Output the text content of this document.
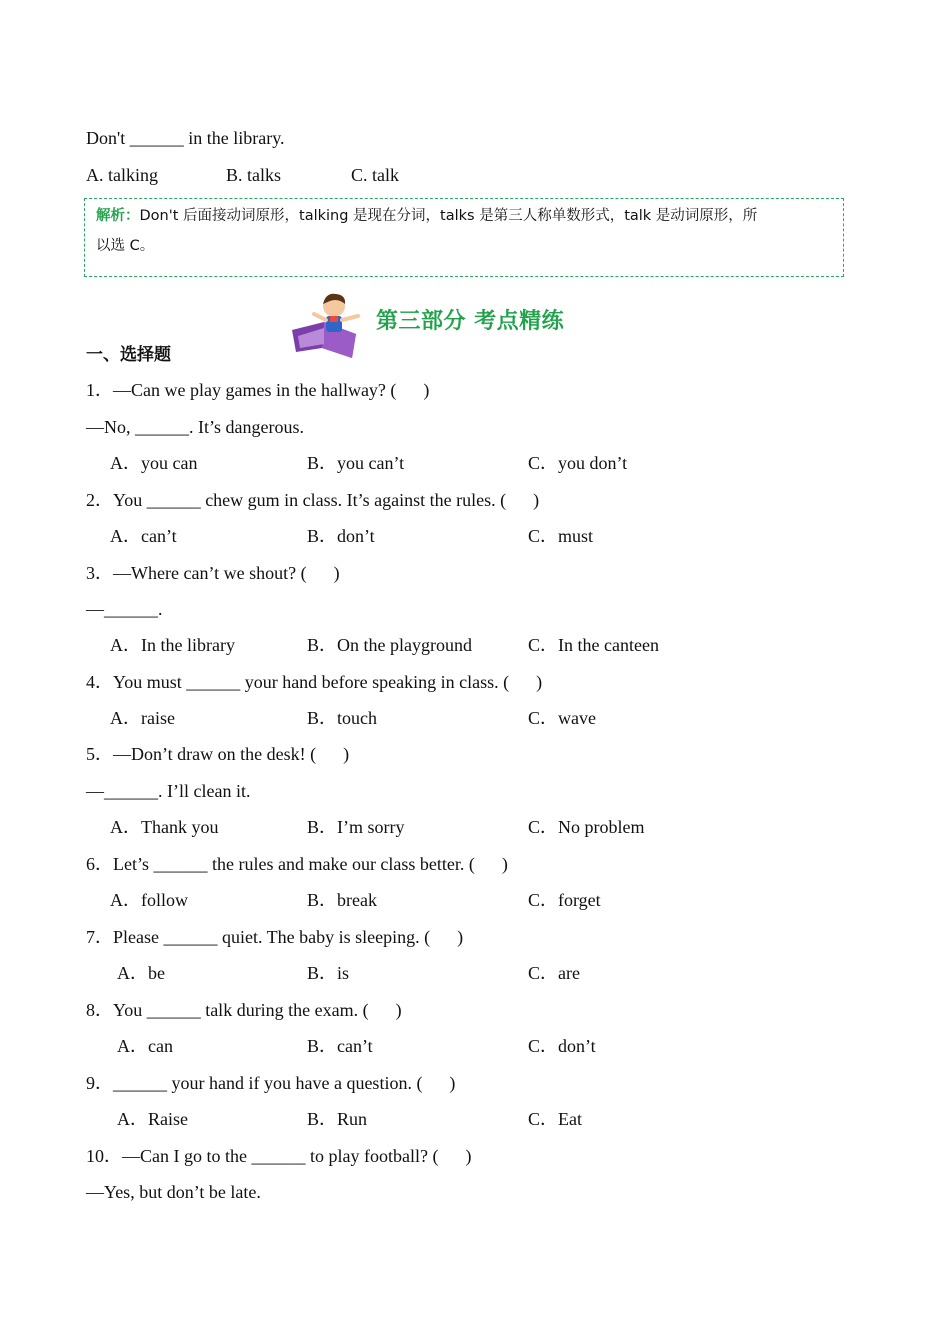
Don't ______ in the library.
A. talking	B. talks	C. talk
解析：Don't 后面接动词原形，talking 是现在分词，talks 是第三人称单数形式，talk 是动词原形，所
以选 C。
第三部分 考点精练
一、选择题
1．—Can we play games in the hallway? (      )
—No, ______. It’s dangerous.
A．you can	B．you can’t	C．you don’t
2．You ______ chew gum in class. It’s against the rules. (      )
A．can’t	B．don’t	C．must
3．—Where can’t we shout? (      )
—______.
A．In the library	B．On the playground	C．In the canteen
4．You must ______ your hand before speaking in class. (      )
A．raise	B．touch	C．wave
5．—Don’t draw on the desk! (      )
—______. I’ll clean it.
A．Thank you	B．I’m sorry	C．No problem
6．Let’s ______ the rules and make our class better. (      )
A．follow	B．break	C．forget
7．Please ______ quiet. The baby is sleeping. (      )
A．be	B．is	C．are
8．You ______ talk during the exam. (      )
A．can	B．can’t	C．don’t
9．______ your hand if you have a question. (      )
A．Raise	B．Run	C．Eat
10．—Can I go to the ______ to play football? (      )
—Yes, but don’t be late.
